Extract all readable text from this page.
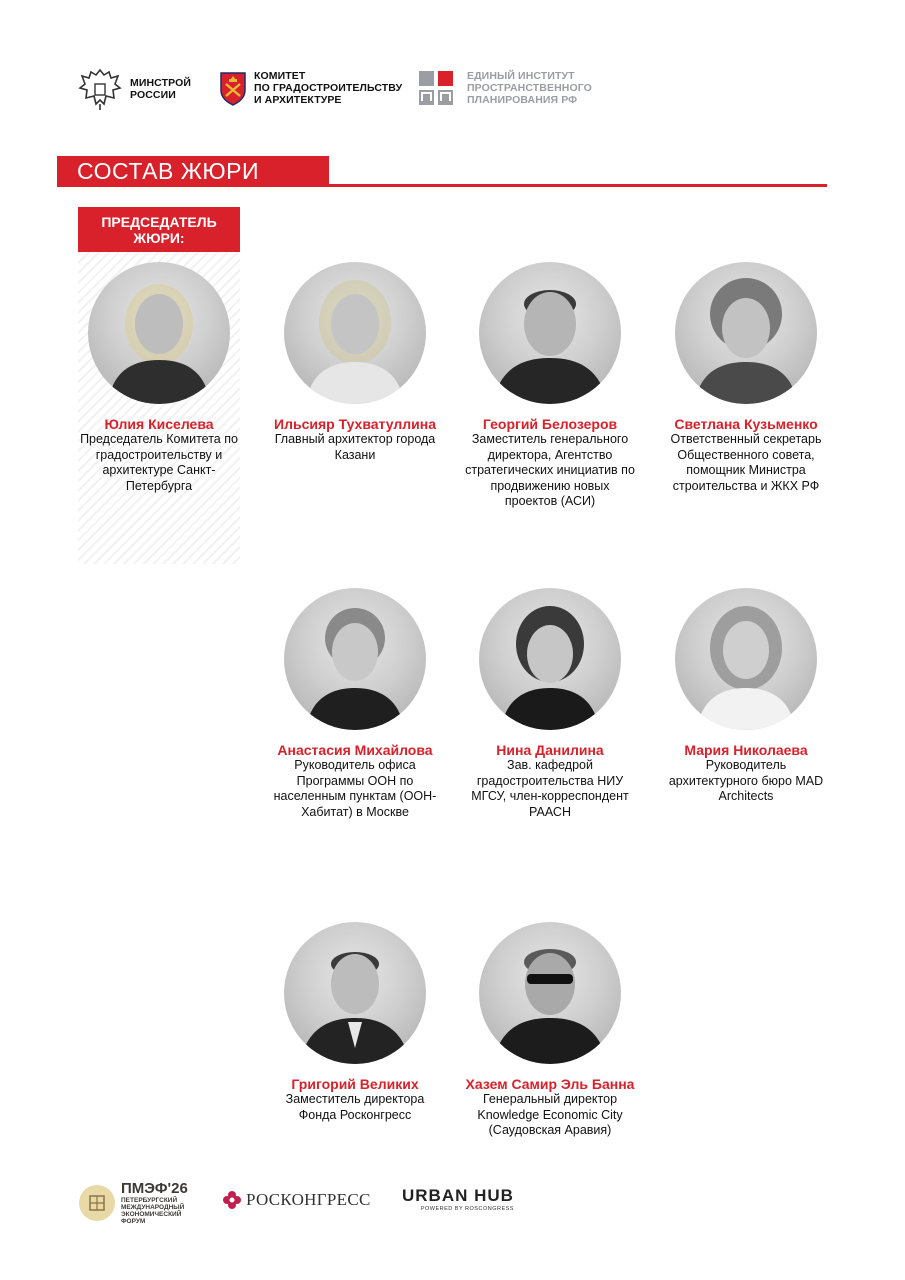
МИНСТРОЙ
РОССИИ
КОМИТЕТ
ПО ГРАДОСТРОИТЕЛЬСТВУ
И АРХИТЕКТУРЕ
ЕДИНЫЙ ИНСТИТУТ
ПРОСТРАНСТВЕННОГО
ПЛАНИРОВАНИЯ РФ
СОСТАВ ЖЮРИ
ПРЕДСЕДАТЕЛЬ ЖЮРИ:
Юлия Киселева
Председатель Комитета по градостроительству и архитектуре Санкт-Петербурга
Ильсияр Тухватуллина
Главный архитектор города Казани
Георгий Белозеров
Заместитель генерального директора, Агентство стратегических инициатив по продвижению новых проектов (АСИ)
Светлана Кузьменко
Ответственный секретарь Общественного совета, помощник Министра строительства и ЖКХ РФ
Анастасия Михайлова
Руководитель офиса Программы ООН по населенным пунктам (ООН-Хабитат) в Москве
Нина Данилина
Зав. кафедрой градостроительства НИУ МГСУ, член-корреспондент РААСН
Мария Николаева
Руководитель архитектурного бюро MAD Architects
Григорий Великих
Заместитель директора Фонда Росконгресс
Хазем Самир Эль Банна
Генеральный директор Knowledge Economic City (Саудовская Аравия)
ПМЭФ'26
ПЕТЕРБУРГСКИЙ
МЕЖДУНАРОДНЫЙ
ЭКОНОМИЧЕСКИЙ
ФОРУМ
РОСКОНГРЕСС URBAN HUB
POWERED BY ROSCONGRESS
